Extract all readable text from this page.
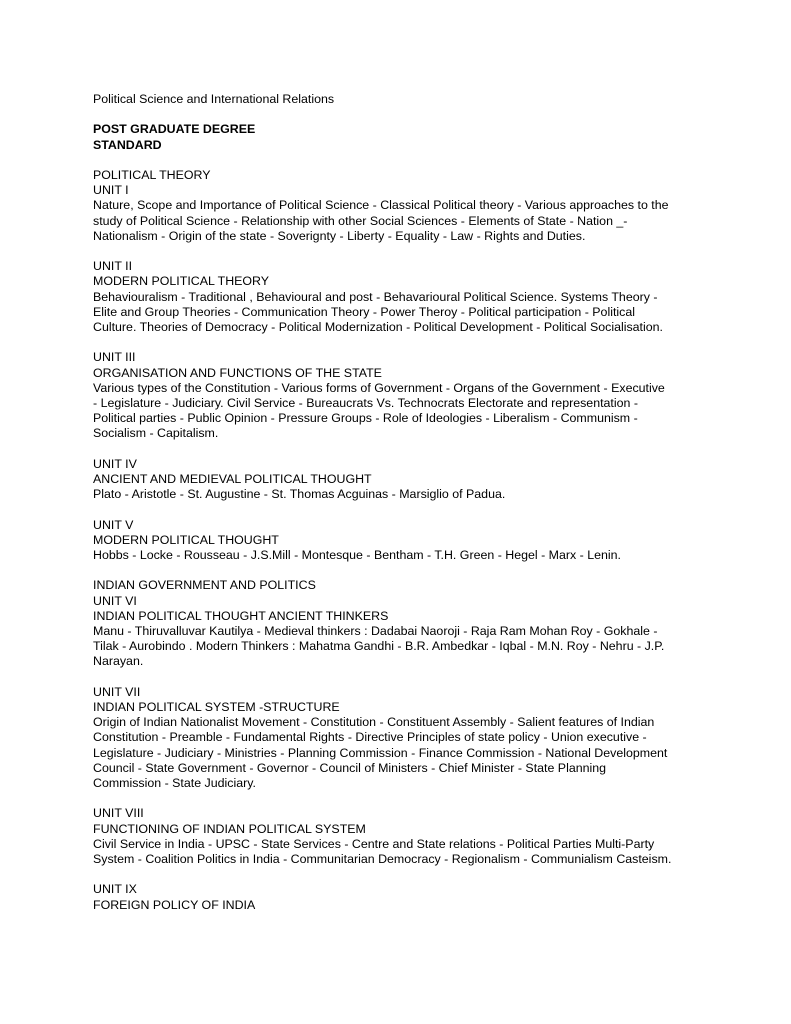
Political Science and International Relations
POST GRADUATE DEGREE
STANDARD
POLITICAL THEORY
UNIT I
Nature, Scope and Importance of Political Science - Classical Political theory - Various approaches to the
study of Political Science - Relationship with other Social Sciences - Elements of State - Nation _-
Nationalism - Origin of the state - Soverignty - Liberty - Equality - Law - Rights and Duties.
UNIT II
MODERN POLITICAL THEORY
Behaviouralism - Traditional , Behavioural and post - Behavarioural Political Science. Systems Theory -
Elite and Group Theories - Communication Theory - Power Theroy - Political participation - Political
Culture. Theories of Democracy - Political Modernization - Political Development - Political Socialisation.
UNIT III
ORGANISATION AND FUNCTIONS OF THE STATE
Various types of the Constitution - Various forms of Government - Organs of the Government - Executive
- Legislature - Judiciary. Civil Service - Bureaucrats Vs. Technocrats Electorate and representation -
Political parties - Public Opinion - Pressure Groups - Role of Ideologies - Liberalism - Communism -
Socialism - Capitalism.
UNIT IV
ANCIENT AND MEDIEVAL POLITICAL THOUGHT
Plato - Aristotle - St. Augustine - St. Thomas Acguinas - Marsiglio of Padua.
UNIT V
MODERN POLITICAL THOUGHT
Hobbs - Locke - Rousseau - J.S.Mill - Montesque - Bentham - T.H. Green - Hegel - Marx - Lenin.
INDIAN GOVERNMENT AND POLITICS
UNIT VI
INDIAN POLITICAL THOUGHT ANCIENT THINKERS
Manu - Thiruvalluvar Kautilya - Medieval thinkers : Dadabai Naoroji - Raja Ram Mohan Roy - Gokhale -
Tilak - Aurobindo . Modern Thinkers : Mahatma Gandhi - B.R. Ambedkar - Iqbal - M.N. Roy - Nehru - J.P.
Narayan.
UNIT VII
INDIAN POLITICAL SYSTEM -STRUCTURE
Origin of Indian Nationalist Movement - Constitution - Constituent Assembly - Salient features of Indian
Constitution - Preamble - Fundamental Rights - Directive Principles of state policy - Union executive -
Legislature - Judiciary - Ministries - Planning Commission - Finance Commission - National Development
Council - State Government - Governor - Council of Ministers - Chief Minister - State Planning
Commission - State Judiciary.
UNIT VIII
FUNCTIONING OF INDIAN POLITICAL SYSTEM
Civil Service in India - UPSC - State Services - Centre and State relations - Political Parties Multi-Party
System - Coalition Politics in India - Communitarian Democracy - Regionalism - Communialism Casteism.
UNIT IX
FOREIGN POLICY OF INDIA
